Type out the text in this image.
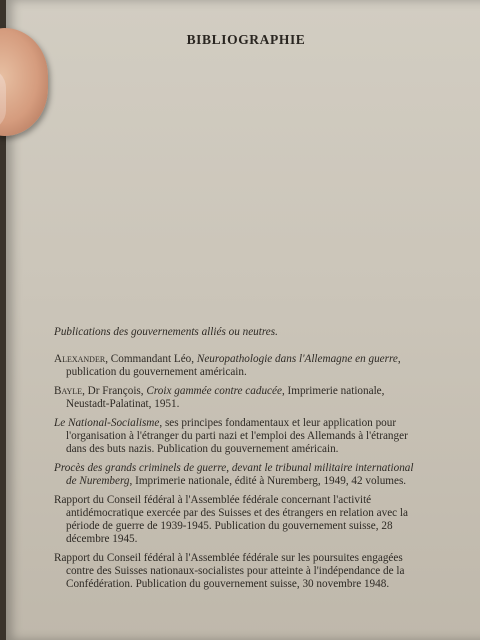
BIBLIOGRAPHIE
Publications des gouvernements alliés ou neutres.
Alexander, Commandant Léo, Neuropathologie dans l'Allemagne en guerre, publication du gouvernement américain.
Bayle, Dr François, Croix gammée contre caducée, Imprimerie nationale, Neustadt-Palatinat, 1951.
Le National-Socialisme, ses principes fondamentaux et leur application pour l'organisation à l'étranger du parti nazi et l'emploi des Allemands à l'étranger dans des buts nazis. Publication du gouvernement américain.
Procès des grands criminels de guerre, devant le tribunal militaire international de Nuremberg, Imprimerie nationale, édité à Nuremberg, 1949, 42 volumes.
Rapport du Conseil fédéral à l'Assemblée fédérale concernant l'activité antidémocratique exercée par des Suisses et des étrangers en relation avec la période de guerre de 1939-1945. Publication du gouvernement suisse, 28 décembre 1945.
Rapport du Conseil fédéral à l'Assemblée fédérale sur les poursuites engagées contre des Suisses nationaux-socialistes pour atteinte à l'indépendance de la Confédération. Publication du gouvernement suisse, 30 novembre 1948.
